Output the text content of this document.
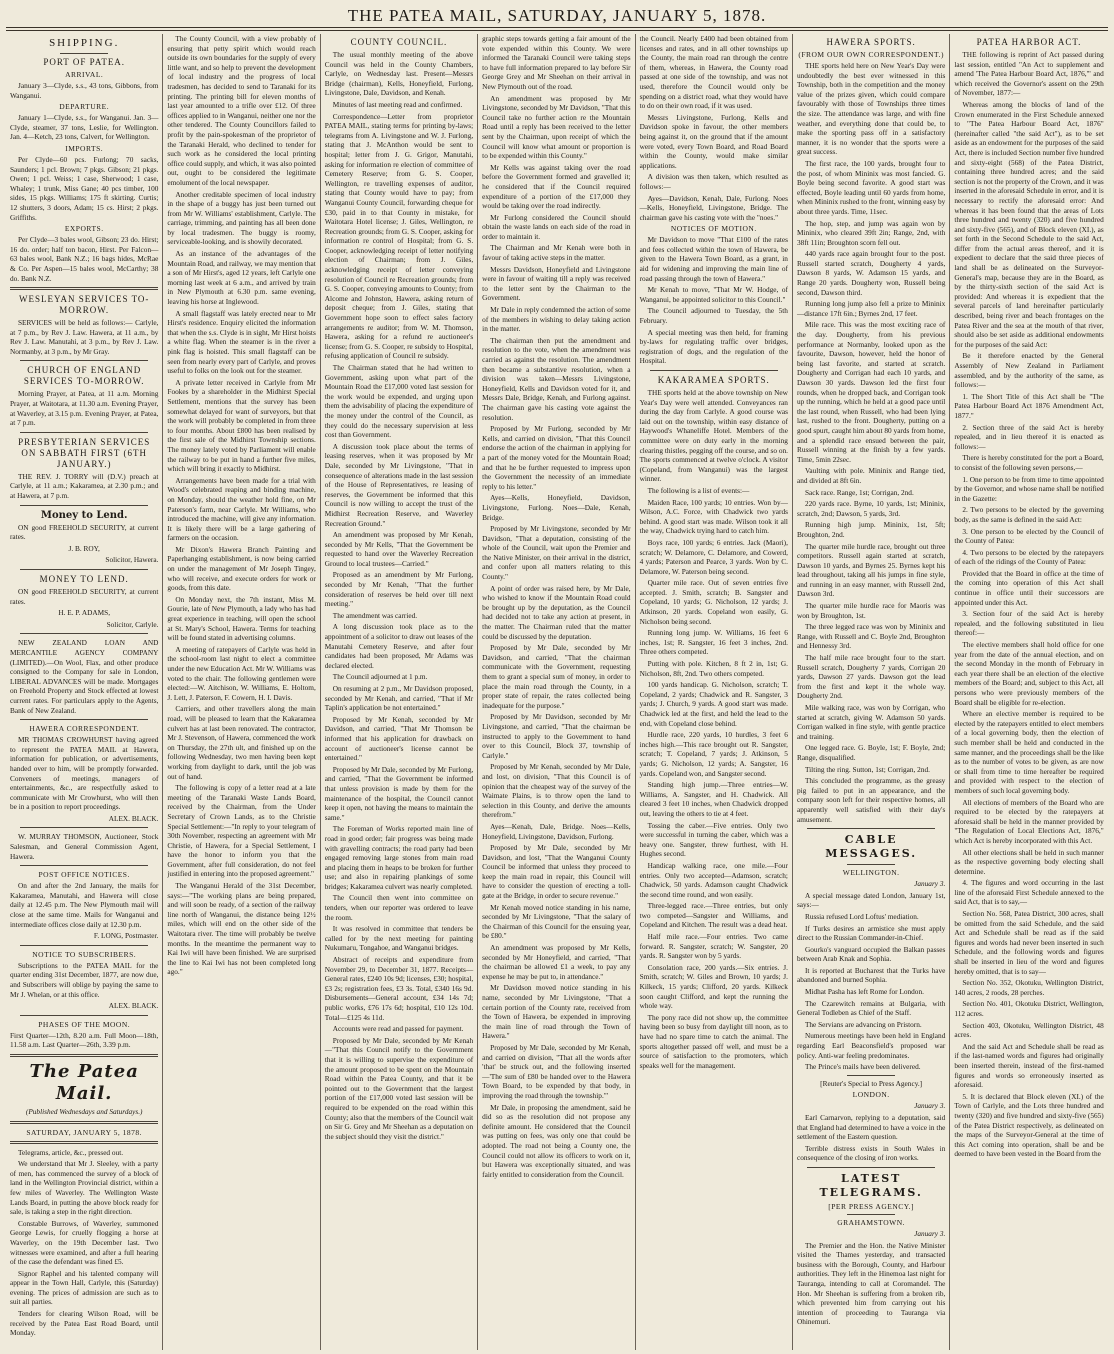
THE PATEA MAIL, SATURDAY, JANUARY 5, 1878.
SHIPPING.
PORT OF PATEA.
ARRIVAL.

January 3—Clyde, s.s., 43 tons, Gibbons, from Wanganui.

DEPARTURE.

January 1—Clyde, s.s., for Wanganui. Jan. 3—Clyde, steamer, 37 tons, Leslie, for Wellington. Jan. 4—Ketch, 23 tons, Calvert, for Wellington.

IMPORTS.

Per Clyde—60 pcs. Furlong; 70 sacks, Saunders; 1 pcl. Brown; 7 pkgs. Gibson; 21 pkgs. Owen; 1 pcl. Weiss; 1 case, Sherwood; 1 case, Whaley; 1 trunk, Miss Gane; 40 pcs timber, 100 sides, 15 pkgs. Williams; 175 ft skirting. Curtis; 12 shutters, 3 doors, Adam; 15 cs. Hirst; 2 pkgs. Griffiths.

EXPORTS.

Per Clyde—3 bales wool, Gibson; 23 do. Hirst; 16 do. order; half ton bacon, Hirst. Per Falcon—63 bales wool, Bank N.Z.; 16 bags hides, McRae & Co. Per Aspen—15 bales wool, McCarthy; 38 do. Bank N.Z.

WESLEYAN SERVICES TO-MORROW.

SERVICES will be held as follows:— Carlyle, at 7 p.m., by Rev J. Law. Hawera, at 11 a.m., by Rev J. Law. Manutahi, at 3 p.m., by Rev J. Law. Normanby, at 3 p.m., by Mr Gray.

CHURCH OF ENGLAND SERVICES TO-MORROW.

Morning Prayer, at Patea, at 11 a.m. Morning Prayer, at Waitotara, at 11.30 a.m. Evening Prayer, at Waverley, at 3.15 p.m. Evening Prayer, at Patea, at 7 p.m.

PRESBYTERIAN SERVICES ON SABBATH FIRST (6TH JANUARY.)

THE REV. J. TORRY will (D.V.) preach at Carlyle, at 11 a.m.; Kakaramea, at 2.30 p.m.; and at Hawera, at 7 p.m.

Money to Lend.

ON good FREEHOLD SECURITY, at current rates.

J. B. ROY,

Solicitor, Hawera.

MONEY TO LEND.

ON good FREEHOLD SECURITY, at current rates.

H. E. P. ADAMS,

Solicitor, Carlyle.

NEW ZEALAND LOAN AND MERCANTILE AGENCY COMPANY (LIMITED).—On Wool, Flax, and other produce consigned to the Company for sale in London, LIBERAL ADVANCES will be made. Mortgages on Freehold Property and Stock effected at lowest current rates. For particulars apply to the Agents, Bank of New Zealand.

HAWERA CORRESPONDENT.

MR THOMAS CROWHURST having agreed to represent the PATEA MAIL at Hawera, information for publication, or advertisements, handed over to him, will be promptly forwarded. Conveners of meetings, managers of entertainments, &c., are respectfully asked to communicate with Mr Crowhurst, who will then be in a position to report proceedings.

ALEX. BLACK.

W. MURRAY THOMSON, Auctioneer, Stock Salesman, and General Commission Agent, Hawera.

POST OFFICE NOTICES.

On and after the 2nd January, the mails for Kakaramea, Manutahi, and Hawera will close daily at 12.45 p.m. The New Plymouth mail will close at the same time. Mails for Wanganui and intermediate offices close daily at 12.30 p.m.

F. LONG, Postmaster.

NOTICE TO SUBSCRIBERS.

Subscriptions to the PATEA MAIL for the quarter ending 31st December, 1877, are now due, and Subscribers will oblige by paying the same to Mr J. Whelan, or at this office.

ALEX. BLACK.

PHASES OF THE MOON.

First Quarter—12th, 8.20 a.m. Full Moon—18th, 11.58 a.m. Last Quarter—26th, 3.39 p.m.

The Patea Mail.

(Published Wednesdays and Saturdays.)

SATURDAY, JANUARY 5, 1878.

Telegrams, article, &c., pressed out.

We understand that Mr J. Sleeley, with a party of men, has commenced the survey of a block of land in the Wellington Provincial district, within a few miles of Waverley. The Wellington Waste Lands Board, in putting the above block ready for sale, is taking a step in the right direction.

Constable Burrows, of Waverley, summoned George Lewis, for cruelly flogging a horse at Waverley, on the 19th December last. Two witnesses were examined, and after a full hearing of the case the defendant was fined £5.

Signor Raphel and his talented company will appear in the Town Hall, Carlyle, this (Saturday) evening. The prices of admission are such as to suit all parties.

Tenders for clearing Wilson Road, will be received by the Patea East Road Board, until Monday.

The County Council, with a view probably of ensuring that petty spirit which would reach outside its own boundaries for the supply of every little want, and so help to prevent the development of local industry and the progress of local tradesmen, has decided to send to Taranaki for its printing. The printing bill for eleven months of last year amounted to a trifle over £12. Of three offices applied to in Wanganui, neither one nor the other tendered. The County Councillors failed to profit by the pain-spokesman of the proprietor of the Taranaki Herald, who declined to tender for such work as he considered the local printing office could supply, and which, it was also pointed out, ought to be considered the legitimate emolument of the local newspaper.

Another creditable specimen of local industry in the shape of a buggy has just been turned out from Mr W. Williams' establishment, Carlyle. The carriage, trimming, and painting has all been done by local tradesmen. The buggy is roomy, serviceable-looking, and is showily decorated.

As an instance of the advantages of the Mountain Road, and railway, we may mention that a son of Mr Hirst's, aged 12 years, left Carlyle one morning last week at 6 a.m., and arrived by train in New Plymouth at 6.30 p.m. same evening, leaving his horse at Inglewood.

A small flagstaff was lately erected near to Mr Hirst's residence. Enquiry elicited the information that when the s.s. Clyde is in sight, Mr Hirst hoists a white flag. When the steamer is in the river a pink flag is hoisted. This small flagstaff can be seen from nearly every part of Carlyle, and proves useful to folks on the look out for the steamer.

A private letter received in Carlyle from Mr Fookes by a shareholder in the Midhirst Special Settlement, mentions that the survey has been somewhat delayed for want of surveyors, but that the work will probably be completed in from three to four months. About £800 has been realised by the first sale of the Midhirst Township sections. The money lately voted by Parliament will enable the railway to be put in hand a further five miles, which will bring it exactly to Midhirst.

Arrangements have been made for a trial with Wood's celebrated reaping and binding machine, on Monday, should the weather hold fine, on Mr Paterson's farm, near Carlyle. Mr Williams, who introduced the machine, will give any information. It is likely there will be a large gathering of farmers on the occasion.

Mr Dixon's Hawera Branch Painting and Paperhanging establishment, is now being carried on under the management of Mr Joseph Tingey, who will receive, and execute orders for work or goods, from this date.

On Monday next, the 7th instant, Miss M. Gourie, late of New Plymouth, a lady who has had great experience in teaching, will open the school at St. Mary's School, Hawera. Terms for teaching will be found stated in advertising columns.

A meeting of ratepayers of Carlyle was held in the school-room last night to elect a committee under the new Education Act. Mr W. Williams was voted to the chair. The following gentlemen were elected:—W. Aitchison, W. Williams, E. Holtom, J. Lett, J. Paterson, F. Cowern, H. I. Davis.

Carriers, and other travellers along the main road, will be pleased to learn that the Kakaramea culvert has at last been renovated. The contractor, Mr J. Stevenson, of Hawera, commenced the work on Thursday, the 27th ult, and finished up on the following Wednesday, two men having been kept working from daylight to dark, until the job was out of hand.

The following is copy of a letter read at a late meeting of the Taranaki Waste Lands Board, received by the Chairman, from the Under Secretary of Crown Lands, as to the Christie Special Settlement:—"In reply to your telegram of 30th November, respecting an agreement with Mr Christie, of Hawera, for a Special Settlement, I have the honor to inform you that the Government, after full consideration, do not feel justified in entering into the proposed agreement."

The Wanganui Herald of the 31st December, says:—"The working plans are being prepared, and will soon be ready, of a section of the railway line north of Wanganui, the distance being 12½ miles, which will end on the other side of the Waitotara river. The time will probably be twelve months. In the meantime the permanent way to Kai Iwi will have been finished. We are surprised the line to Kai Iwi has not been completed long ago."

COUNTY COUNCIL.

The usual monthly meeting of the above Council was held in the County Chambers, Carlyle, on Wednesday last. Present—Messrs Bridge (chairman), Kells, Honeyfield, Furlong, Livingstone, Dale, Davidson, and Kenah.

Minutes of last meeting read and confirmed.

Correspondence—Letter from proprietor PATEA MAIL, stating terms for printing by-laws; telegrams from A. Livingstone and W. J. Furlong, stating that J. McAnthon would be sent to hospital; letter from J. G. Grigor, Manutahi, asking for information re election of committee of Cemetery Reserve; from G. S. Cooper, Wellington, re travelling expenses of auditor, stating that County would have to pay; from Wanganui County Council, forwarding cheque for £30, paid in to that County in mistake, for Waitotara Hotel license; J. Giles, Wellington, re Recreation grounds; from G. S. Cooper, asking for information re control of Hospital; from G. S. Cooper, acknowledging receipt of letter notifying election of Chairman; from J. Giles, acknowledging receipt of letter conveying resolution of Council re Recreation grounds; from G. S. Cooper, conveying amounts to County; from Alcome and Johnston, Hawera, asking return of deposit cheque; from J. Giles, stating that Government hope soon to effect sales factory arrangements re auditor; from W. M. Thomson, Hawera, asking for a refund re auctioneer's license; from G. S. Cooper, re subsidy to Hospital, refusing application of Council re subsidy.

The Chairman stated that he had written to Government, asking upon what part of the Mountain Road the £17,000 voted last session for the work would be expended, and urging upon them the advisability of placing the expenditure of the money under the control of the Council, as they could do the necessary supervision at less cost than Government.

A discussion took place about the terms of leasing reserves, when it was proposed by Mr Dale, seconded by Mr Livingstone, "That in consequence of alterations made in the last session of the House of Representatives, re leasing of reserves, the Government be informed that this Council is now willing to accept the trust of the Midhirst Recreation Reserve, and Waverley Recreation Ground."

An amendment was proposed by Mr Kenah, seconded by Mr Kells, "That the Government be requested to hand over the Waverley Recreation Ground to local trustees—Carried."

Proposed as an amendment by Mr Furlong, seconded by Mr Kenah, "That the further consideration of reserves be held over till next meeting."

The amendment was carried.

A long discussion took place as to the appointment of a solicitor to draw out leases of the Manutahi Cemetery Reserve, and after four candidates had been proposed, Mr Adams was declared elected.

The Council adjourned at 1 p.m.

On resuming at 2 p.m., Mr Davidson proposed, seconded by Mr Kenah, and carried, "That if Mr Taplin's application be not entertained."

Proposed by Mr Kenah, seconded by Mr Davidson, and carried, "That Mr Thomson be informed that his application for drawback on account of auctioneer's license cannot be entertained."

Proposed by Mr Dale, seconded by Mr Furlong, and carried, "That the Government be informed that unless provision is made by them for the maintenance of the hospital, the Council cannot keep it open, not having the means to maintain the same."

The Foreman of Works reported main line of road in good order; fair progress was being made with gravelling contracts; the road party had been engaged removing large stones from main road and placing them in heaps to be broken for further use; and also in repairing plankings of some bridges; Kakaramea culvert was nearly completed.

The Council then went into committee on tenders, when our reporter was ordered to leave the room.

It was resolved in committee that tenders be called for by the next meeting for painting Nukumaru, Tongahoe, and Wanganui bridges.

Abstract of receipts and expenditure from November 29, to December 31, 1877. Receipts—General rates, £240 10s 9d; licenses, £30; hospital, £3 2s; registration fees, £3 3s. Total, £340 16s 9d. Disbursements—General account, £34 14s 7d; public works, £76 17s 6d; hospital, £10 12s 10d. Total—£125 4s 11d.

Accounts were read and passed for payment.

Proposed by Mr Dale, seconded by Mr Kenah—"That this Council notify to the Government that it is willing to supervise the expenditure of the amount proposed to be spent on the Mountain Road within the Patea County, and that it be pointed out to the Government that the largest portion of the £17,000 voted last session will be required to be expended on the road within this County; also that the members of the Council wait on Sir G. Grey and Mr Sheehan as a deputation on the subject should they visit the district."

graphic steps towards getting a fair amount of the vote expended within this County. We were informed the Taranaki Council were taking steps to have full information prepared to lay before Sir George Grey and Mr Sheehan on their arrival in New Plymouth out of the road.

An amendment was proposed by Mr Livingstone, seconded by Mr Davidson, "That this Council take no further action re the Mountain Road until a reply has been received to the letter sent by the Chairman, upon receipt of which the Council will know what amount or proportion is to be expended within this County."

Mr Kells was against taking over the road before the Government formed and gravelled it; he considered that if the Council required expenditure of a portion of the £17,000 they would be taking over the road indirectly.

Mr Furlong considered the Council should obtain the waste lands on each side of the road in order to maintain it.

The Chairman and Mr Kenah were both in favour of taking active steps in the matter.

Messrs Davidson, Honeyfield and Livingstone were in favour of waiting till a reply was received to the letter sent by the Chairman to the Government.

Mr Dale in reply condemned the action of some of the members in wishing to delay taking action in the matter.

The chairman then put the amendment and resolution to the vote, when the amendment was carried as against the resolution. The amendment then became a substantive resolution, when a division was taken—Messrs Livingstone, Honeyfield, Kells and Davidson voted for it, and Messrs Dale, Bridge, Kenah, and Furlong against. The chairman gave his casting vote against the resolution.

Proposed by Mr Furlong, seconded by Mr Kells, and carried on division, "That this Council endorse the action of the chairman in applying for a part of the money voted for the Mountain Road; and that he be further requested to impress upon the Government the necessity of an immediate reply to his letter."

Ayes—Kells, Honeyfield, Davidson, Livingstone, Furlong. Noes—Dale, Kenah, Bridge.

Proposed by Mr Livingstone, seconded by Mr Davidson, "That a deputation, consisting of the whole of the Council, wait upon the Premier and the Native Minister, on their arrival in the district, and confer upon all matters relating to this County."

A point of order was raised here, by Mr Dale, who wished to know if the Mountain Road could be brought up by the deputation, as the Council had decided not to take any action at present, in the matter. The Chairman ruled that the matter could be discussed by the deputation.

Proposed by Mr Dale, seconded by Mr Davidson, and carried, "That the chairman communicate with the Government, requesting them to grant a special sum of money, in order to place the main road through the County, in a proper state of repair, the rates collected being inadequate for the purpose."

Proposed by Mr Davidson, seconded by Mr Livingstone, and carried, "That the chairman be instructed to apply to the Government to hand over to this Council, Block 37, township of Carlyle."

Proposed by Mr Kenah, seconded by Mr Dale, and lost, on division, "That this Council is of opinion that the cheapest way of the survey of the Waimate Plains, is to throw open the land to selection in this County, and derive the amounts therefrom."

Ayes—Kenah, Dale, Bridge. Noes—Kells, Honeyfield, Livingstone, Davidson, Furlong.

Proposed by Mr Dale, seconded by Mr Davidson, and lost, "That the Wanganui County Council be informed that unless they proceed to keep the main road in repair, this Council will have to consider the question of erecting a toll-gate at the Bridge, in order to secure revenue."

Mr Kenah moved notice standing in his name, seconded by Mr Livingstone, "That the salary of the Chairman of this Council for the ensuing year, be £80."

An amendment was proposed by Mr Kells, seconded by Mr Honeyfield, and carried, "That the chairman be allowed £1 a week, to pay any expense he may be put to, in attendance."

Mr Davidson moved notice standing in his name, seconded by Mr Livingstone, "That a certain portion of the County rate, received from the Town of Hawera, be expended in improving the main line of road through the Town of Hawera."

Proposed by Mr Dale, seconded by Mr Kenah, and carried on division, "That all the words after 'that' be struck out, and the following inserted—'The sum of £80 be handed over to the Hawera Town Board, to be expended by that body, in improving the road through the township.'"

Mr Dale, in proposing the amendment, said he did so as the resolution did not propose any definite amount. He considered that the Council was putting on fees, was only one that could be adopted. The road not being a County one, the Council could not allow its officers to work on it, but Hawera was exceptionally situated, and was fairly entitled to consideration from the Council.

the Council. Nearly £400 had been obtained from licenses and rates, and in all other townships up the County, the main road ran through the centre of them, whereas, in Hawera, the County road passed at one side of the township, and was not used, therefore the Council would only be spending on a district road, what they would have to do on their own road, if it was used.

Messrs Livingstone, Furlong, Kells and Davidson spoke in favour, the other members being against it, on the ground that if the amount were voted, every Town Board, and Road Board within the County, would make similar applications.

A division was then taken, which resulted as follows:—

Ayes—Davidson, Kenah, Dale, Furlong. Noes—Kells, Honeyfield, Livingstone, Bridge. The chairman gave his casting vote with the "noes."

NOTICES OF MOTION.

Mr Davidson to move "That £100 of the rates and fees collected within the town of Hawera, be given to the Hawera Town Board, as a grant, in aid for widening and improving the main line of road passing through the town of Hawera."

Mr Kenah to move, "That Mr W. Hodge, of Wanganui, be appointed solicitor to this Council."

The Council adjourned to Tuesday, the 5th February.

A special meeting was then held, for framing by-laws for regulating traffic over bridges, registration of dogs, and the regulation of the Hospital.

KAKARAMEA SPORTS.

THE sports held at the above township on New Year's Day were well attended. Conveyances ran during the day from Carlyle. A good course was laid out on the township, within easy distance of Haywood's Whaneliffe Hotel. Members of the committee were on duty early in the morning clearing thistles, pegging off the course, and so on. The sports commenced at twelve o'clock. A visitor (Copeland, from Wanganui) was the largest winner.

The following is a list of events:—

Maiden Race, 100 yards; 10 entries. Won by—Wilson, A.C. Force, with Chadwick two yards behind. A good start was made. Wilson took it all the way, Chadwick trying hard to catch him.

Boys race, 100 yards; 6 entries. Jack (Maori), scratch; W. Delamore, C. Delamore, and Cowerd, 4 yards; Paterson and Pearce, 3 yards. Won by C. Delamore, W. Paterson being second.

Quarter mile race. Out of seven entries five accepted. J. Smith, scratch; B. Sangster and Copeland, 10 yards; G. Nicholson, 12 yards; J. Atkinson, 20 yards. Copeland won easily, G. Nicholson being second.

Running long jump. W. Williams, 16 feet 6 inches, 1st; R. Sangster, 16 feet 3 inches, 2nd. Three others competed.

Putting with pole. Kitchen, 8 ft 2 in, 1st; G. Nicholson, 8ft, 2nd. Two others competed.

100 yards handicap. G. Nicholson, scratch; T. Copeland, 2 yards; Chadwick and R. Sangster, 3 yards; J. Church, 9 yards. A good start was made. Chadwick led at the first, and held the lead to the end, with Copeland close behind.

Hurdle race, 220 yards, 10 hurdles, 3 feet 6 inches high.—This race brought out R. Sangster, scratch; T. Copeland, 7 yards; J. Atkinson, 5 yards; G. Nicholson, 12 yards; A. Sangster, 16 yards. Copeland won, and Sangster second.

Standing high jump.—Three entries—W. Williams, A. Sangster, and H. Chadwick. All cleared 3 feet 10 inches, when Chadwick dropped out, leaving the others to tie at 4 feet.

Tossing the caber.—Five entries. Only two were successful in turning the caber, which was a heavy one. Sangster, threw furthest, with H. Hughes second.

Handicap walking race, one mile.—Four entries. Only two accepted—Adamson, scratch; Chadwick, 50 yards. Adamson caught Chadwick the second time round, and won easily.

Three-legged race.—Three entries, but only two competed—Sangster and Williams, and Copeland and Kitchen. The result was a dead heat.

Half mile race.—Four entries. Two came forward. R. Sangster, scratch; W. Sangster, 20 yards. R. Sangster won by 5 yards.

Consolation race, 200 yards.—Six entries. J. Smith, scratch; W. Giles and Brown, 10 yards; J. Kilkeck, 15 yards; Clifford, 20 yards. Kilkeck soon caught Clifford, and kept the running the whole way.

The pony race did not show up, the committee having been so busy from daylight till noon, as to have had no spare time to catch the animal. The sports altogether passed off well, and must be a source of satisfaction to the promoters, which speaks well for the management.

HAWERA SPORTS.
(FROM OUR OWN CORRESPONDENT.)

THE sports held here on New Year's Day were undoubtedly the best ever witnessed in this Township, both in the competition and the money value of the prizes given, which could compare favourably with those of Townships three times the size. The attendance was large, and with fine weather, and everything done that could be, to make the sporting pass off in a satisfactory manner, it is no wonder that the sports were a great success.

The first race, the 100 yards, brought four to the post, of whom Mininix was most fancied. G. Boyle being second favorite. A good start was effected, Boyle leading until 60 yards from home, when Mininix rushed to the front, winning easy by about three yards. Time, 11sec.

The hop, step, and jump was again won by Mininix, who cleared 39ft 2in; Range, 2nd, with 38ft 11in; Broughton scorn fell out.

440 yards race again brought four to the post. Russell started scratch, Dougherty 4 yards, Dawson 8 yards, W. Adamson 15 yards, and Range 20 yards. Dougherty won, Russell being second, Dawson third.

Running long jump also fell a prize to Mininix—distance 17ft 6in.; Byrnes 2nd, 17 feet.

Mile race. This was the most exciting race of the day. Dougherty, from his previous performance at Normanby, looked upon as the favourite, Dawson, however, held the honor of being last favorite, and started at scratch. Dougherty and Corrigan had each 10 yards, and Dawson 30 yards. Dawson led the first four rounds, when he dropped back, and Corrigan took up the running, which he held at a good pace until the last round, when Russell, who had been lying last, rushed to the front. Dougherty, putting on a good spurt, caught him about 80 yards from home, and a splendid race ensued between the pair, Russell winning at the finish by a few yards. Time, 5min 22sec.

Vaulting with pole. Mininix and Range tied, and divided at 8ft 6in.

Sack race. Range, 1st; Corrigan, 2nd.

220 yards race. Byrne, 10 yards, 1st; Mininix, scratch, 2nd; Dawson, 5 yards, 3rd.

Running high jump. Mininix, 1st, 5ft; Broughton, 2nd.

The quarter mile hurdle race, brought out three competitors. Russell again started at scratch, Dawson 10 yards, and Byrnes 25. Byrnes kept his lead throughout, taking all his jumps in fine style, and running in an easy manner, with Russell 2nd, Dawson 3rd.

The quarter mile hurdle race for Maoris was won by Broughton, 1st.

The three legged race was won by Mininix and Range, with Russell and C. Boyle 2nd, Broughton and Hennessy 3rd.

The half mile race brought four to the start. Russell scratch, Dougherty 7 yards, Corrigan 20 yards, Dawson 27 yards. Dawson got the lead from the first and kept it the whole way. Dougherty 2nd.

Mile walking race, was won by Corrigan, who started at scratch, giving W. Adamson 50 yards. Corrigan walked in fine style, with gentle practice and training.

One legged race. G. Boyle, 1st; F. Boyle, 2nd; Range, disqualified.

Tilting the ring. Sutton, 1st; Corrigan, 2nd.

This concluded the programme, as the greasy pig failed to put in an appearance, and the company soon left for their respective homes, all apparently well satisfied with their day's amusement.

CABLE MESSAGES.
WELLINGTON.

January 3.

A special message dated London, January 1st, says:—

Russia refused Lord Loftus' mediation.

If Turks desires an armistice she must apply direct to the Russian Commander-in-Chief.

Gourko's vanguard occupied the Balkan passes between Arab Knak and Sophia.

It is reported at Bucharest that the Turks have abandoned and burned Sophia.

Midhat Pasha has left Rome for London.

The Czarewitch remains at Bulgaria, with General Todleben as Chief of the Staff.

The Servians are advancing on Pristorn.

Numerous meetings have been held in England regarding Earl Beaconsfield's proposed war policy. Anti-war feeling predominates.

The Prince's mails have been delivered.

[Reuter's Special to Press Agency.]

LONDON.

January 3.

Earl Carnarvon, replying to a deputation, said that England had determined to have a voice in the settlement of the Eastern question.

Terrible distress exists in South Wales in consequence of the closing of iron works.

LATEST TELEGRAMS.
[PER PRESS AGENCY.]
GRAHAMSTOWN.

January 3.

The Premier and the Hon. the Native Minister visited the Thames yesterday, and transacted business with the Borough, County, and Harbour authorities. They left in the Hinemoa last night for Tauranga, intending to call at Coromandel. The Hon. Mr Sheehan is suffering from a broken rib, which prevented him from carrying out his intention of proceeding to Tauranga via Ohinemuri.

PATEA HARBOR ACT.

THE following is reprint of Act passed during last session, entitled "An Act to supplement and amend 'The Patea Harbour Board Act, 1876,'" and which received the Governor's assent on the 29th of November, 1877:—

Whereas among the blocks of land of the Crown enumerated in the First Schedule annexed to "The Patea Harbour Board Act, 1876" (hereinafter called "the said Act"), as to be set aside as an endowment for the purposes of the said Act, there is included Section number five hundred and sixty-eight (568) of the Patea District, containing three hundred acres; and the said section is not the property of the Crown, and it was inserted in the aforesaid Schedule in error, and it is necessary to rectify the aforesaid error: And whereas it has been found that the areas of Lots three hundred and twenty (320) and five hundred and sixty-five (565), and of Block eleven (XI.), as set forth in the Second Schedule to the said Act, differ from the actual areas thereof, and it is expedient to declare that the said three pieces of land shall be as delineated on the Surveyor-General's map, because they are in the Board, as by the thirty-sixth section of the said Act is provided: And whereas it is expedient that the several parcels of land hereinafter particularly described, being river and beach frontages on the Patea River and the sea at the mouth of that river, should also be set aside as additional endowments for the purposes of the said Act:

Be it therefore enacted by the General Assembly of New Zealand in Parliament assembled, and by the authority of the same, as follows:—

1. The Short Title of this Act shall be "The Patea Harbour Board Act 1876 Amendment Act, 1877."

2. Section three of the said Act is hereby repealed, and in lieu thereof it is enacted as follows:—

There is hereby constituted for the port a Board, to consist of the following seven persons,—

1. One person to be from time to time appointed by the Governor, and whose name shall be notified in the Gazette:

2. Two persons to be elected by the governing body, as the same is defined in the said Act:

3. One person to be elected by the Council of the County of Patea:

4. Two persons to be elected by the ratepayers of each of the ridings of the County of Patea:

Provided that the Board in office at the time of the coming into operation of this Act shall continue in office until their successors are appointed under this Act.

3. Section four of the said Act is hereby repealed, and the following substituted in lieu thereof:—

The elective members shall hold office for one year from the date of the annual election, and on the second Monday in the month of February in each year there shall be an election of the elective members of the Board; and, subject to this Act, all persons who were previously members of the Board shall be eligible for re-election.

Where an elective member is required to be elected by the ratepayers entitled to elect members of a local governing body, then the election of such member shall be held and conducted in the same manner, and the proceedings shall be the like as to the number of votes to be given, as are now or shall from time to time hereafter be required and provided with respect to the election of members of such local governing body.

All elections of members of the Board who are required to be elected by the ratepayers at aforesaid shall be held in the manner provided by "The Regulation of Local Elections Act, 1876," which Act is hereby incorporated with this Act.

All other elections shall be held in such manner as the respective governing body electing shall determine.

4. The figures and word occurring in the last line of the aforesaid First Schedule annexed to the said Act, that is to say,—

Section No. 568, Patea District, 300 acres, shall be omitted from the said Schedule, and the said Act and Schedule shall be read as if the said figures and words had never been inserted in such Schedule, and the following words and figures shall be inserted in lieu of the word and figures hereby omitted, that is to say—

Section No. 352, Okotuku, Wellington District, 140 acres, 2 roods, 28 perches.

Section No. 401, Okotuku District, Wellington, 112 acres.

Section 403, Okotuku, Wellington District, 48 acres.

And the said Act and Schedule shall be read as if the last-named words and figures had originally been inserted therein, instead of the first-named figures and words so erroneously inserted as aforesaid.

5. It is declared that Block eleven (XI.) of the Town of Carlyle, and the Lots three hundred and twenty (320) and five hundred and sixty-five (565) of the Patea District respectively, as delineated on the maps of the Surveyor-General at the time of this Act coming into operation, shall be and be deemed to have been vested in the Board from the
